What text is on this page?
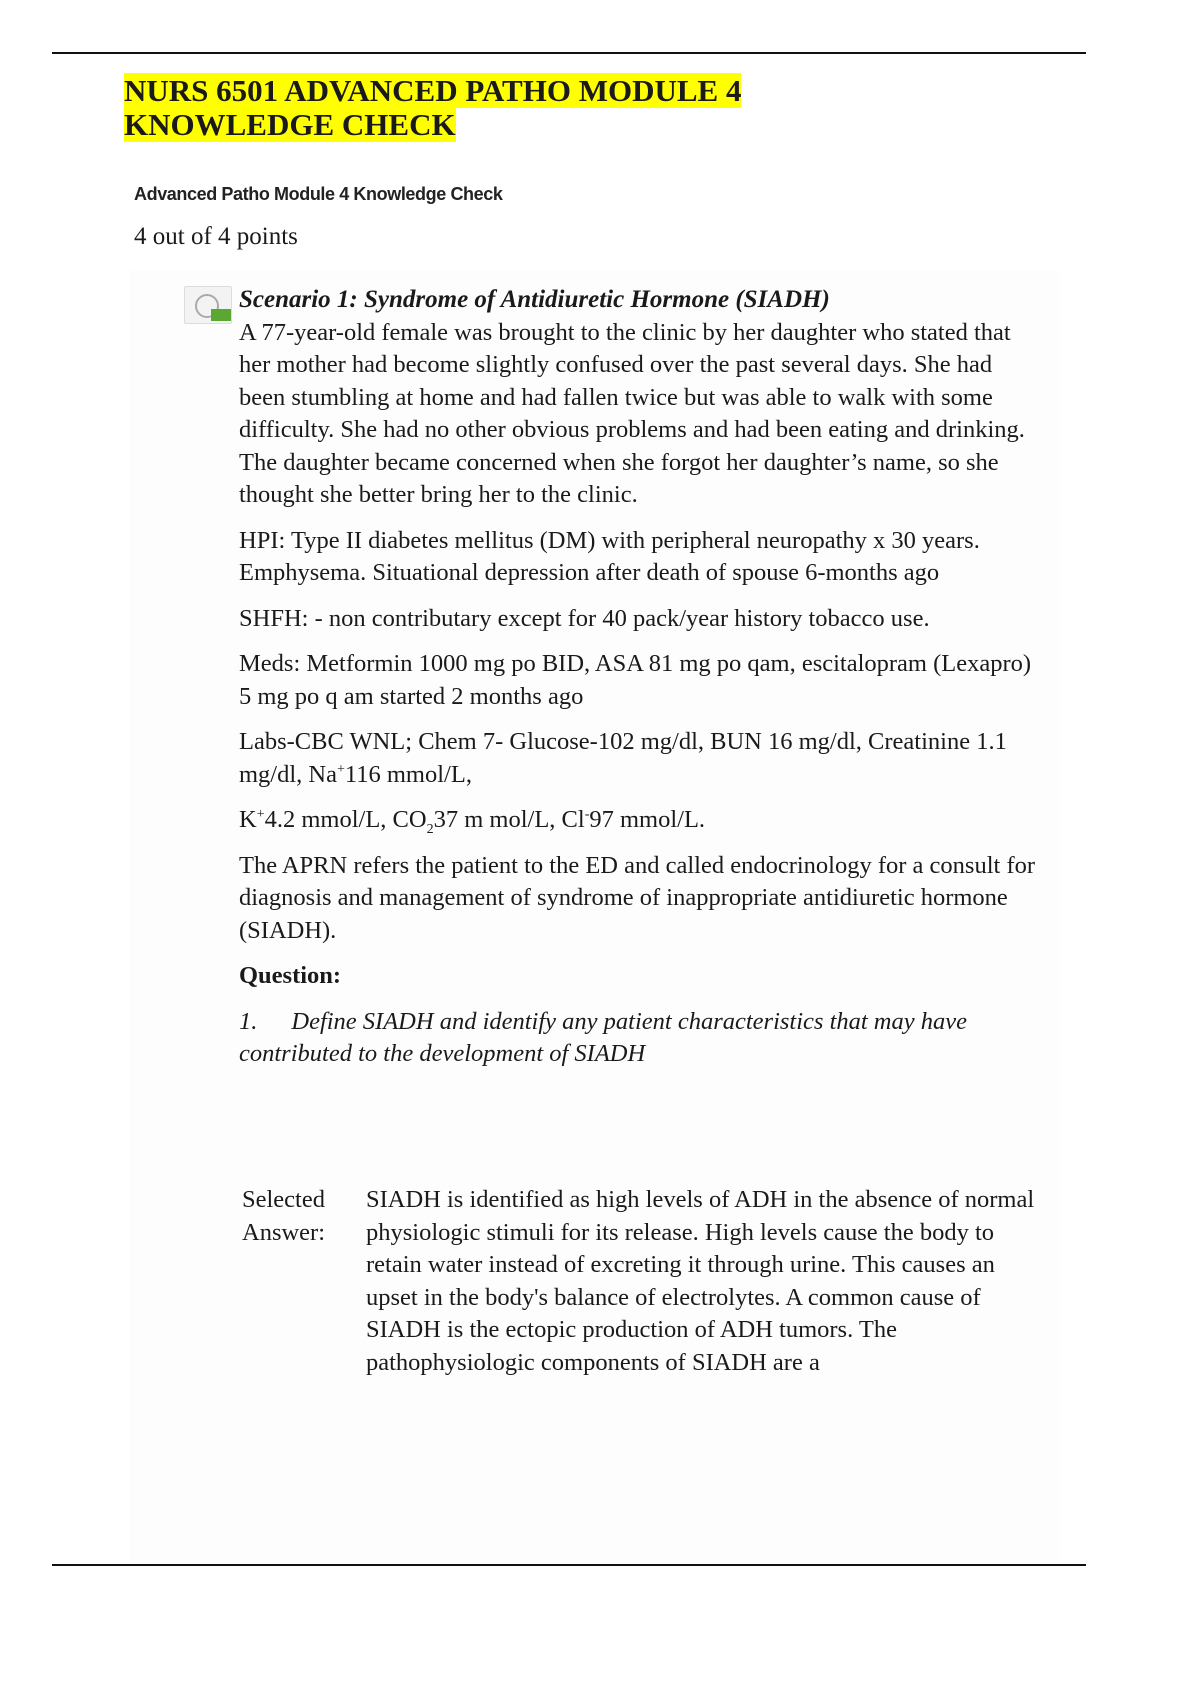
NURS 6501 ADVANCED PATHO MODULE 4 KNOWLEDGE CHECK
Advanced Patho Module 4 Knowledge Check
4 out of 4 points
Scenario 1: Syndrome of Antidiuretic Hormone (SIADH)

A 77-year-old female was brought to the clinic by her daughter who stated that her mother had become slightly confused over the past several days. She had been stumbling at home and had fallen twice but was able to walk with some difficulty. She had no other obvious problems and had been eating and drinking. The daughter became concerned when she forgot her daughter’s name, so she thought she better bring her to the clinic.

HPI: Type II diabetes mellitus (DM) with peripheral neuropathy x 30 years. Emphysema. Situational depression after death of spouse 6-months ago

SHFH: - non contributary except for 40 pack/year history tobacco use.

Meds: Metformin 1000 mg po BID, ASA 81 mg po qam, escitalopram (Lexapro) 5 mg po q am started 2 months ago

Labs-CBC WNL; Chem 7- Glucose-102 mg/dl, BUN 16 mg/dl, Creatinine 1.1 mg/dl, Na+116 mmol/L,

K+4.2 mmol/L, $CO_237$ m mol/L, Cl-97 mmol/L.

The APRN refers the patient to the ED and called endocrinology for a consult for diagnosis and management of syndrome of inappropriate antidiuretic hormone (SIADH).

Question:

1. Define SIADH and identify any patient characteristics that may have contributed to the development of SIADH

Selected Answer:
SIADH is identified as high levels of ADH in the absence of normal physiologic stimuli for its release. High levels cause the body to retain water instead of excreting it through urine. This causes an upset in the body's balance of electrolytes. A common cause of SIADH is the ectopic production of ADH tumors. The pathophysiologic components of SIADH are a
